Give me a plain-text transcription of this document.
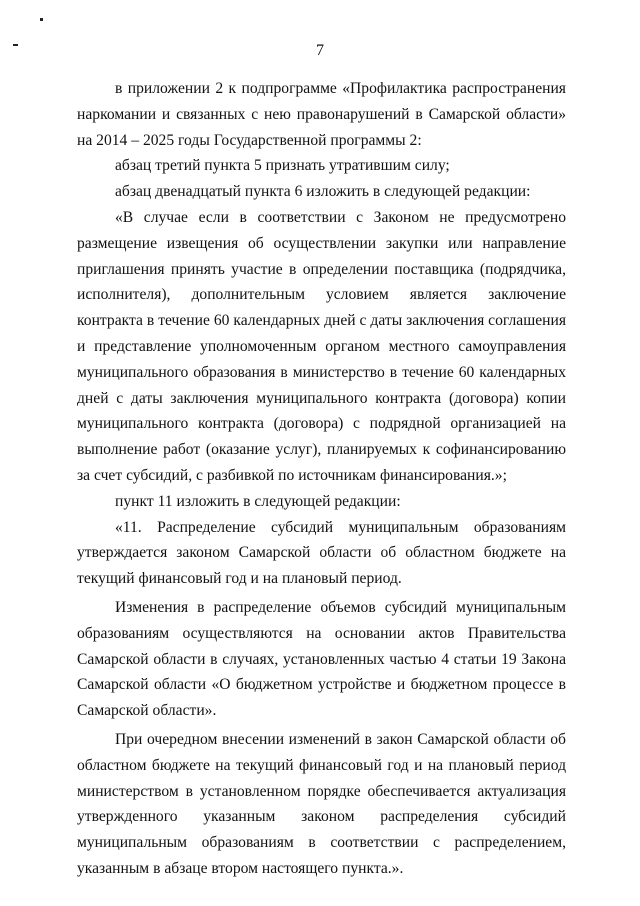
7

в приложении 2 к подпрограмме «Профилактика распространения наркомании и связанных с нею правонарушений в Самарской области» на 2014 – 2025 годы Государственной программы 2:

абзац третий пункта 5 признать утратившим силу;

абзац двенадцатый пункта 6 изложить в следующей редакции:

«В случае если в соответствии с Законом не предусмотрено размещение извещения об осуществлении закупки или направление приглашения принять участие в определении поставщика (подрядчика, исполнителя), дополнительным условием является заключение контракта в течение 60 календарных дней с даты заключения соглашения и представление уполномоченным органом местного самоуправления муниципального образования в министерство в течение 60 календарных дней с даты заключения муниципального контракта (договора) копии муниципального контракта (договора) с подрядной организацией на выполнение работ (оказание услуг), планируемых к софинансированию за счет субсидий, с разбивкой по источникам финансирования.»;

пункт 11 изложить в следующей редакции:

«11. Распределение субсидий муниципальным образованиям утверждается законом Самарской области об областном бюджете на текущий финансовый год и на плановый период.

Изменения в распределение объемов субсидий муниципальным образованиям осуществляются на основании актов Правительства Самарской области в случаях, установленных частью 4 статьи 19 Закона Самарской области «О бюджетном устройстве и бюджетном процессе в Самарской области».

При очередном внесении изменений в закон Самарской области об областном бюджете на текущий финансовый год и на плановый период министерством в установленном порядке обеспечивается актуализация утвержденного указанным законом распределения субсидий муниципальным образованиям в соответствии с распределением, указанным в абзаце втором настоящего пункта.».
